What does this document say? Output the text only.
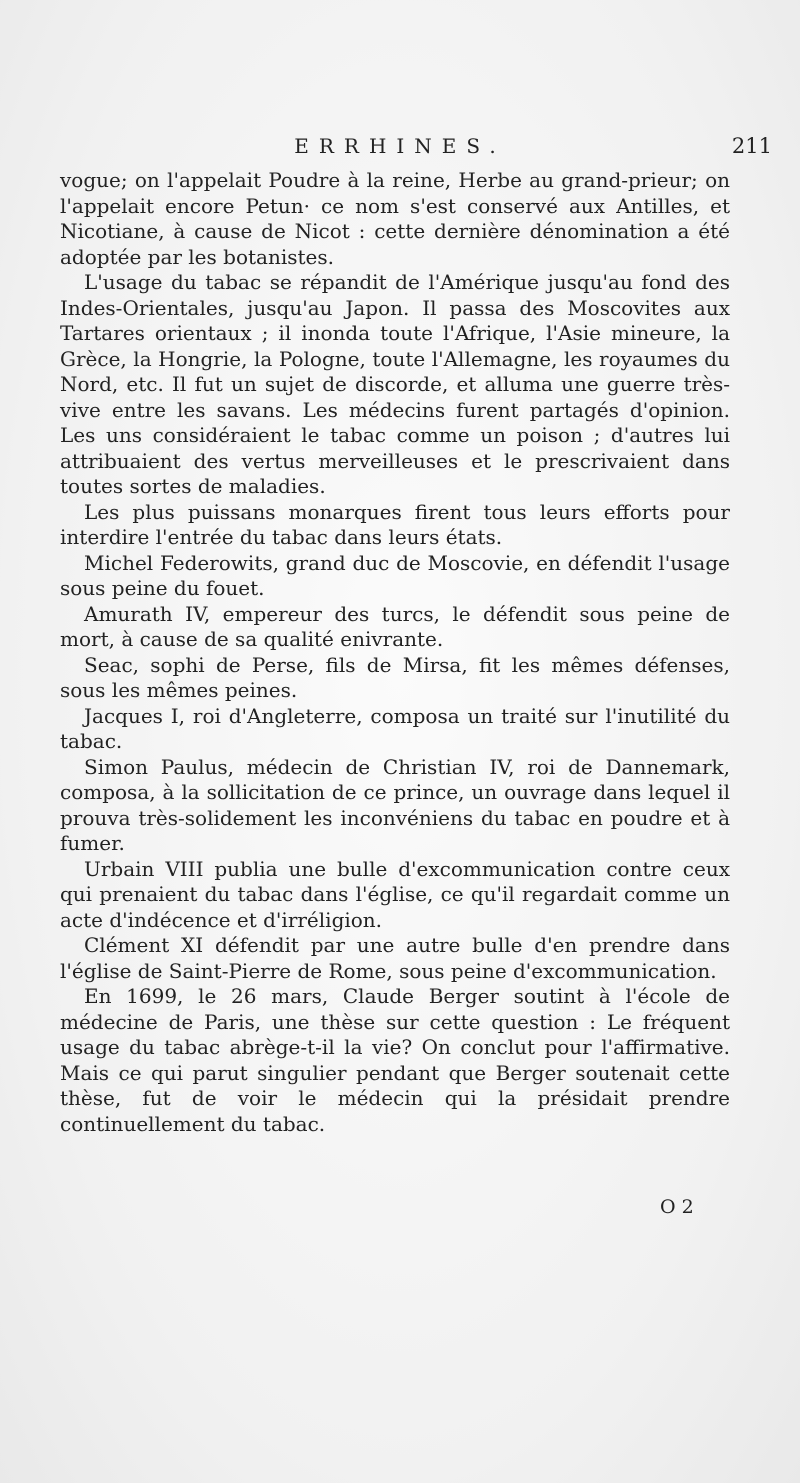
ERRHINES.	211

vogue; on l'appelait Poudre à la reine, Herbe au grand-prieur; on l'appelait encore Petun· ce nom s'est conservé aux Antilles, et Nicotiane, à cause de Nicot : cette dernière dénomination a été adoptée par les botanistes.

L'usage du tabac se répandit de l'Amérique jusqu'au fond des Indes-Orientales, jusqu'au Japon. Il passa des Moscovites aux Tartares orientaux ; il inonda toute l'Afrique, l'Asie mineure, la Grèce, la Hongrie, la Pologne, toute l'Allemagne, les royaumes du Nord, etc. Il fut un sujet de discorde, et alluma une guerre très-vive entre les savans. Les médecins furent partagés d'opinion. Les uns considéraient le tabac comme un poison ; d'autres lui attribuaient des vertus merveilleuses et le prescrivaient dans toutes sortes de maladies.

Les plus puissans monarques firent tous leurs efforts pour interdire l'entrée du tabac dans leurs états.

Michel Federowits, grand duc de Moscovie, en défendit l'usage sous peine du fouet.

Amurath IV, empereur des turcs, le défendit sous peine de mort, à cause de sa qualité enivrante.

Seac, sophi de Perse, fils de Mirsa, fit les mêmes défenses, sous les mêmes peines.

Jacques I, roi d'Angleterre, composa un traité sur l'inutilité du tabac.

Simon Paulus, médecin de Christian IV, roi de Dannemark, composa, à la sollicitation de ce prince, un ouvrage dans lequel il prouva très-solidement les inconvéniens du tabac en poudre et à fumer.

Urbain VIII publia une bulle d'excommunication contre ceux qui prenaient du tabac dans l'église, ce qu'il regardait comme un acte d'indécence et d'irréligion.

Clément XI défendit par une autre bulle d'en prendre dans l'église de Saint-Pierre de Rome, sous peine d'excommunication.

En 1699, le 26 mars, Claude Berger soutint à l'école de médecine de Paris, une thèse sur cette question : Le fréquent usage du tabac abrège-t-il la vie? On conclut pour l'affirmative. Mais ce qui parut singulier pendant que Berger soutenait cette thèse, fut de voir le médecin qui la présidait prendre continuellement du tabac.

O 2
